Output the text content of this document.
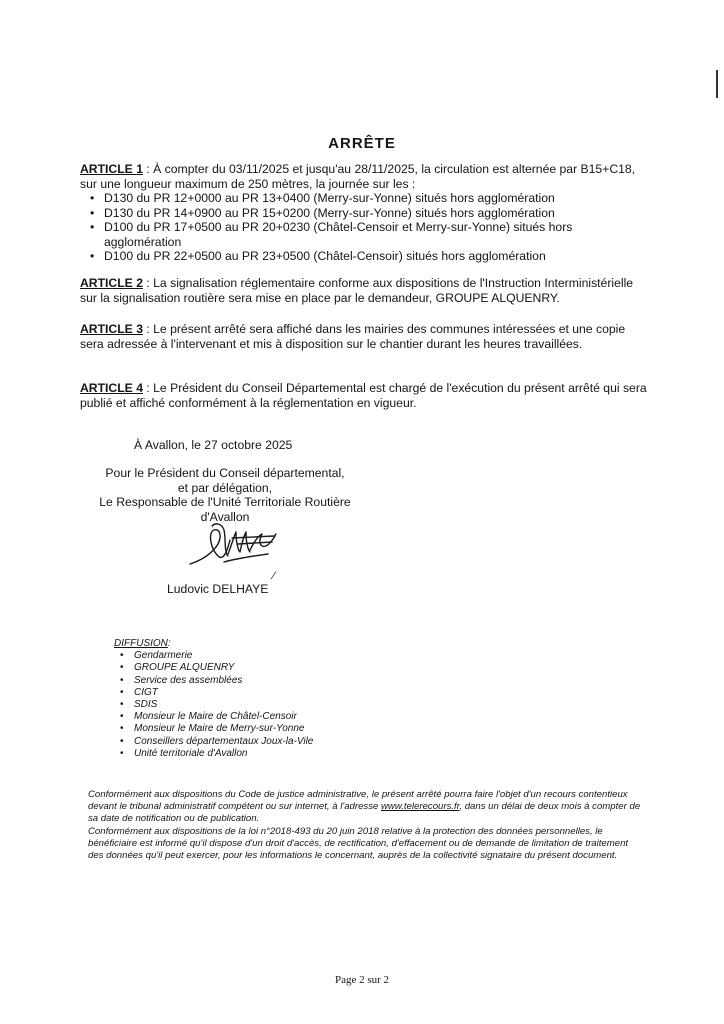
ARRÊTE

ARTICLE 1 : À compter du 03/11/2025 et jusqu'au 28/11/2025, la circulation est alternée par B15+C18, sur une longueur maximum de 250 mètres, la journée sur les :

• D130 du PR 12+0000 au PR 13+0400 (Merry-sur-Yonne) situés hors agglomération
• D130 du PR 14+0900 au PR 15+0200 (Merry-sur-Yonne) situés hors agglomération
• D100 du PR 17+0500 au PR 20+0230 (Châtel-Censoir et Merry-sur-Yonne) situés hors agglomération
• D100 du PR 22+0500 au PR 23+0500 (Châtel-Censoir) situés hors agglomération

ARTICLE 2 : La signalisation réglementaire conforme aux dispositions de l'Instruction Interministérielle sur la signalisation routière sera mise en place par le demandeur, GROUPE ALQUENRY.

ARTICLE 3 : Le présent arrêté sera affiché dans les mairies des communes intéressées et une copie sera adressée à l'intervenant et mis à disposition sur le chantier durant les heures travaillées.

ARTICLE 4 : Le Président du Conseil Départemental est chargé de l'exécution du présent arrêté qui sera publié et affiché conformément à la réglementation en vigueur.

À Avallon, le 27 octobre 2025
Pour le Président du Conseil départemental,
et par délégation,
Le Responsable de l'Unité Territoriale Routière
d'Avallon
Ludovic DELHAYE
⁄
DIFFUSION:
• Gendarmerie
• GROUPE ALQUENRY
• Service des assemblées
• CIGT
• SDIS
• Monsieur le Maire de Châtel-Censoir
• Monsieur le Maire de Merry-sur-Yonne
• Conseillers départementaux Joux-la-Vile
• Unité territoriale d'Avallon

Conformément aux dispositions du Code de justice administrative, le présent arrêté pourra faire l'objet d'un recours contentieux devant le tribunal administratif compétent ou sur internet, à l'adresse www.telerecours.fr, dans un délai de deux mois à compter de sa date de notification ou de publication.

Conformément aux dispositions de la loi n°2018-493 du 20 juin 2018 relative à la protection des données personnelles, le bénéficiaire est informé qu'il dispose d'un droit d'accès, de rectification, d'effacement ou de demande de limitation de traitement des données qu'il peut exercer, pour les informations le concernant, auprès de la collectivité signataire du présent document.

Page 2 sur 2
